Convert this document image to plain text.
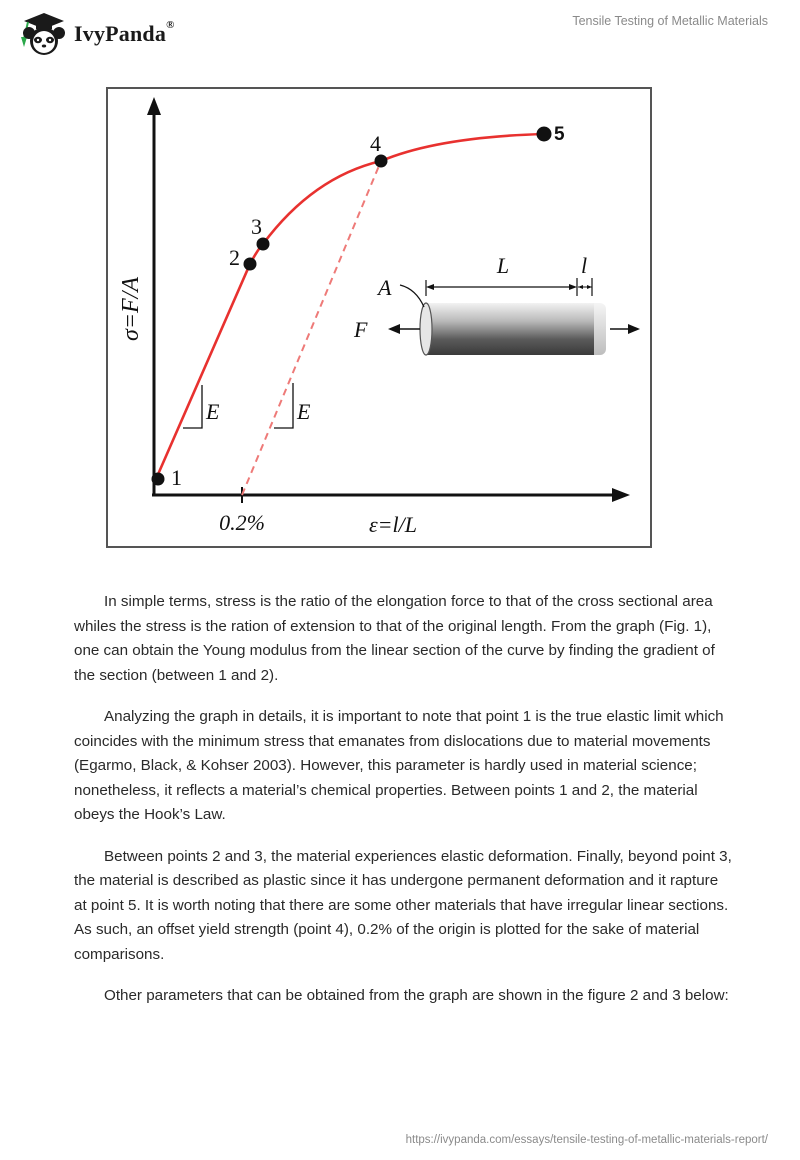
IvyPanda®	Tensile Testing of Metallic Materials
E	E
1
2
3
4	5
σ=F/A
0.2%	ε=l/L
L	l
A
F

In simple terms, stress is the ratio of the elongation force to that of the cross sectional area whiles the stress is the ration of extension to that of the original length. From the graph (Fig. 1), one can obtain the Young modulus from the linear section of the curve by finding the gradient of the section (between 1 and 2).

Analyzing the graph in details, it is important to note that point 1 is the true elastic limit which coincides with the minimum stress that emanates from dislocations due to material movements (Egarmo, Black, & Kohser 2003). However, this parameter is hardly used in material science; nonetheless, it reflects a material’s chemical properties. Between points 1 and 2, the material obeys the Hook’s Law.

Between points 2 and 3, the material experiences elastic deformation. Finally, beyond point 3, the material is described as plastic since it has undergone permanent deformation and it rapture at point 5. It is worth noting that there are some other materials that have irregular linear sections. As such, an offset yield strength (point 4), 0.2% of the origin is plotted for the sake of material comparisons.

Other parameters that can be obtained from the graph are shown in the figure 2 and 3 below:

https://ivypanda.com/essays/tensile-testing-of-metallic-materials-report/
